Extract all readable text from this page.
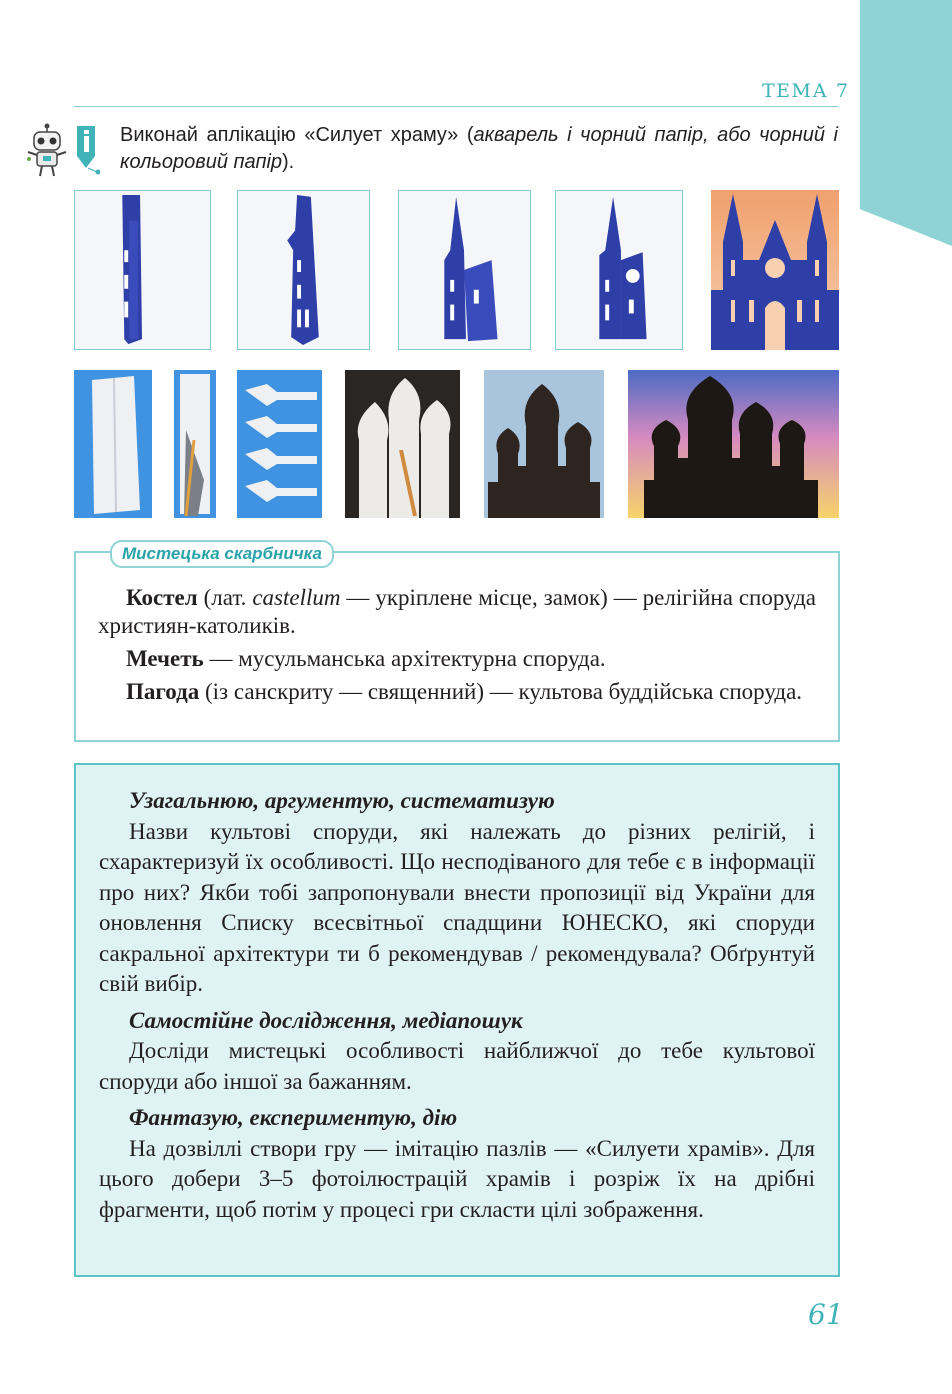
ТЕМА 7
Виконай аплікацію «Силует храму» (акварель і чорний папір, або чорний і кольоровий папір).
Мистецька скарбничка

Костел (лат. castellum — укріплене місце, замок) — релігійна споруда християн-католиків.

Мечеть — мусульманська архітектурна споруда.

Пагода (із санскриту — священний) — культова буддійська споруда.

Узагальнюю, аргументую, систематизую

Назви культові споруди, які належать до різних релігій, і схарактеризуй їх особливості. Що несподіваного для тебе є в інформації про них? Якби тобі запропонували внести пропозиції від України для оновлення Списку всесвітньої спадщини ЮНЕСКО, які споруди сакральної архітектури ти б рекомендував / рекомендувала? Обґрунтуй свій вибір.

Самостійне дослідження, медіапошук

Досліди мистецькі особливості найближчої до тебе культової споруди або іншої за бажанням.

Фантазую, експериментую, дію

На дозвіллі створи гру — імітацію пазлів — «Силуети храмів». Для цього добери 3–5 фотоілюстрацій храмів і розріж їх на дрібні фрагменти, щоб потім у процесі гри скласти цілі зображення.

61
